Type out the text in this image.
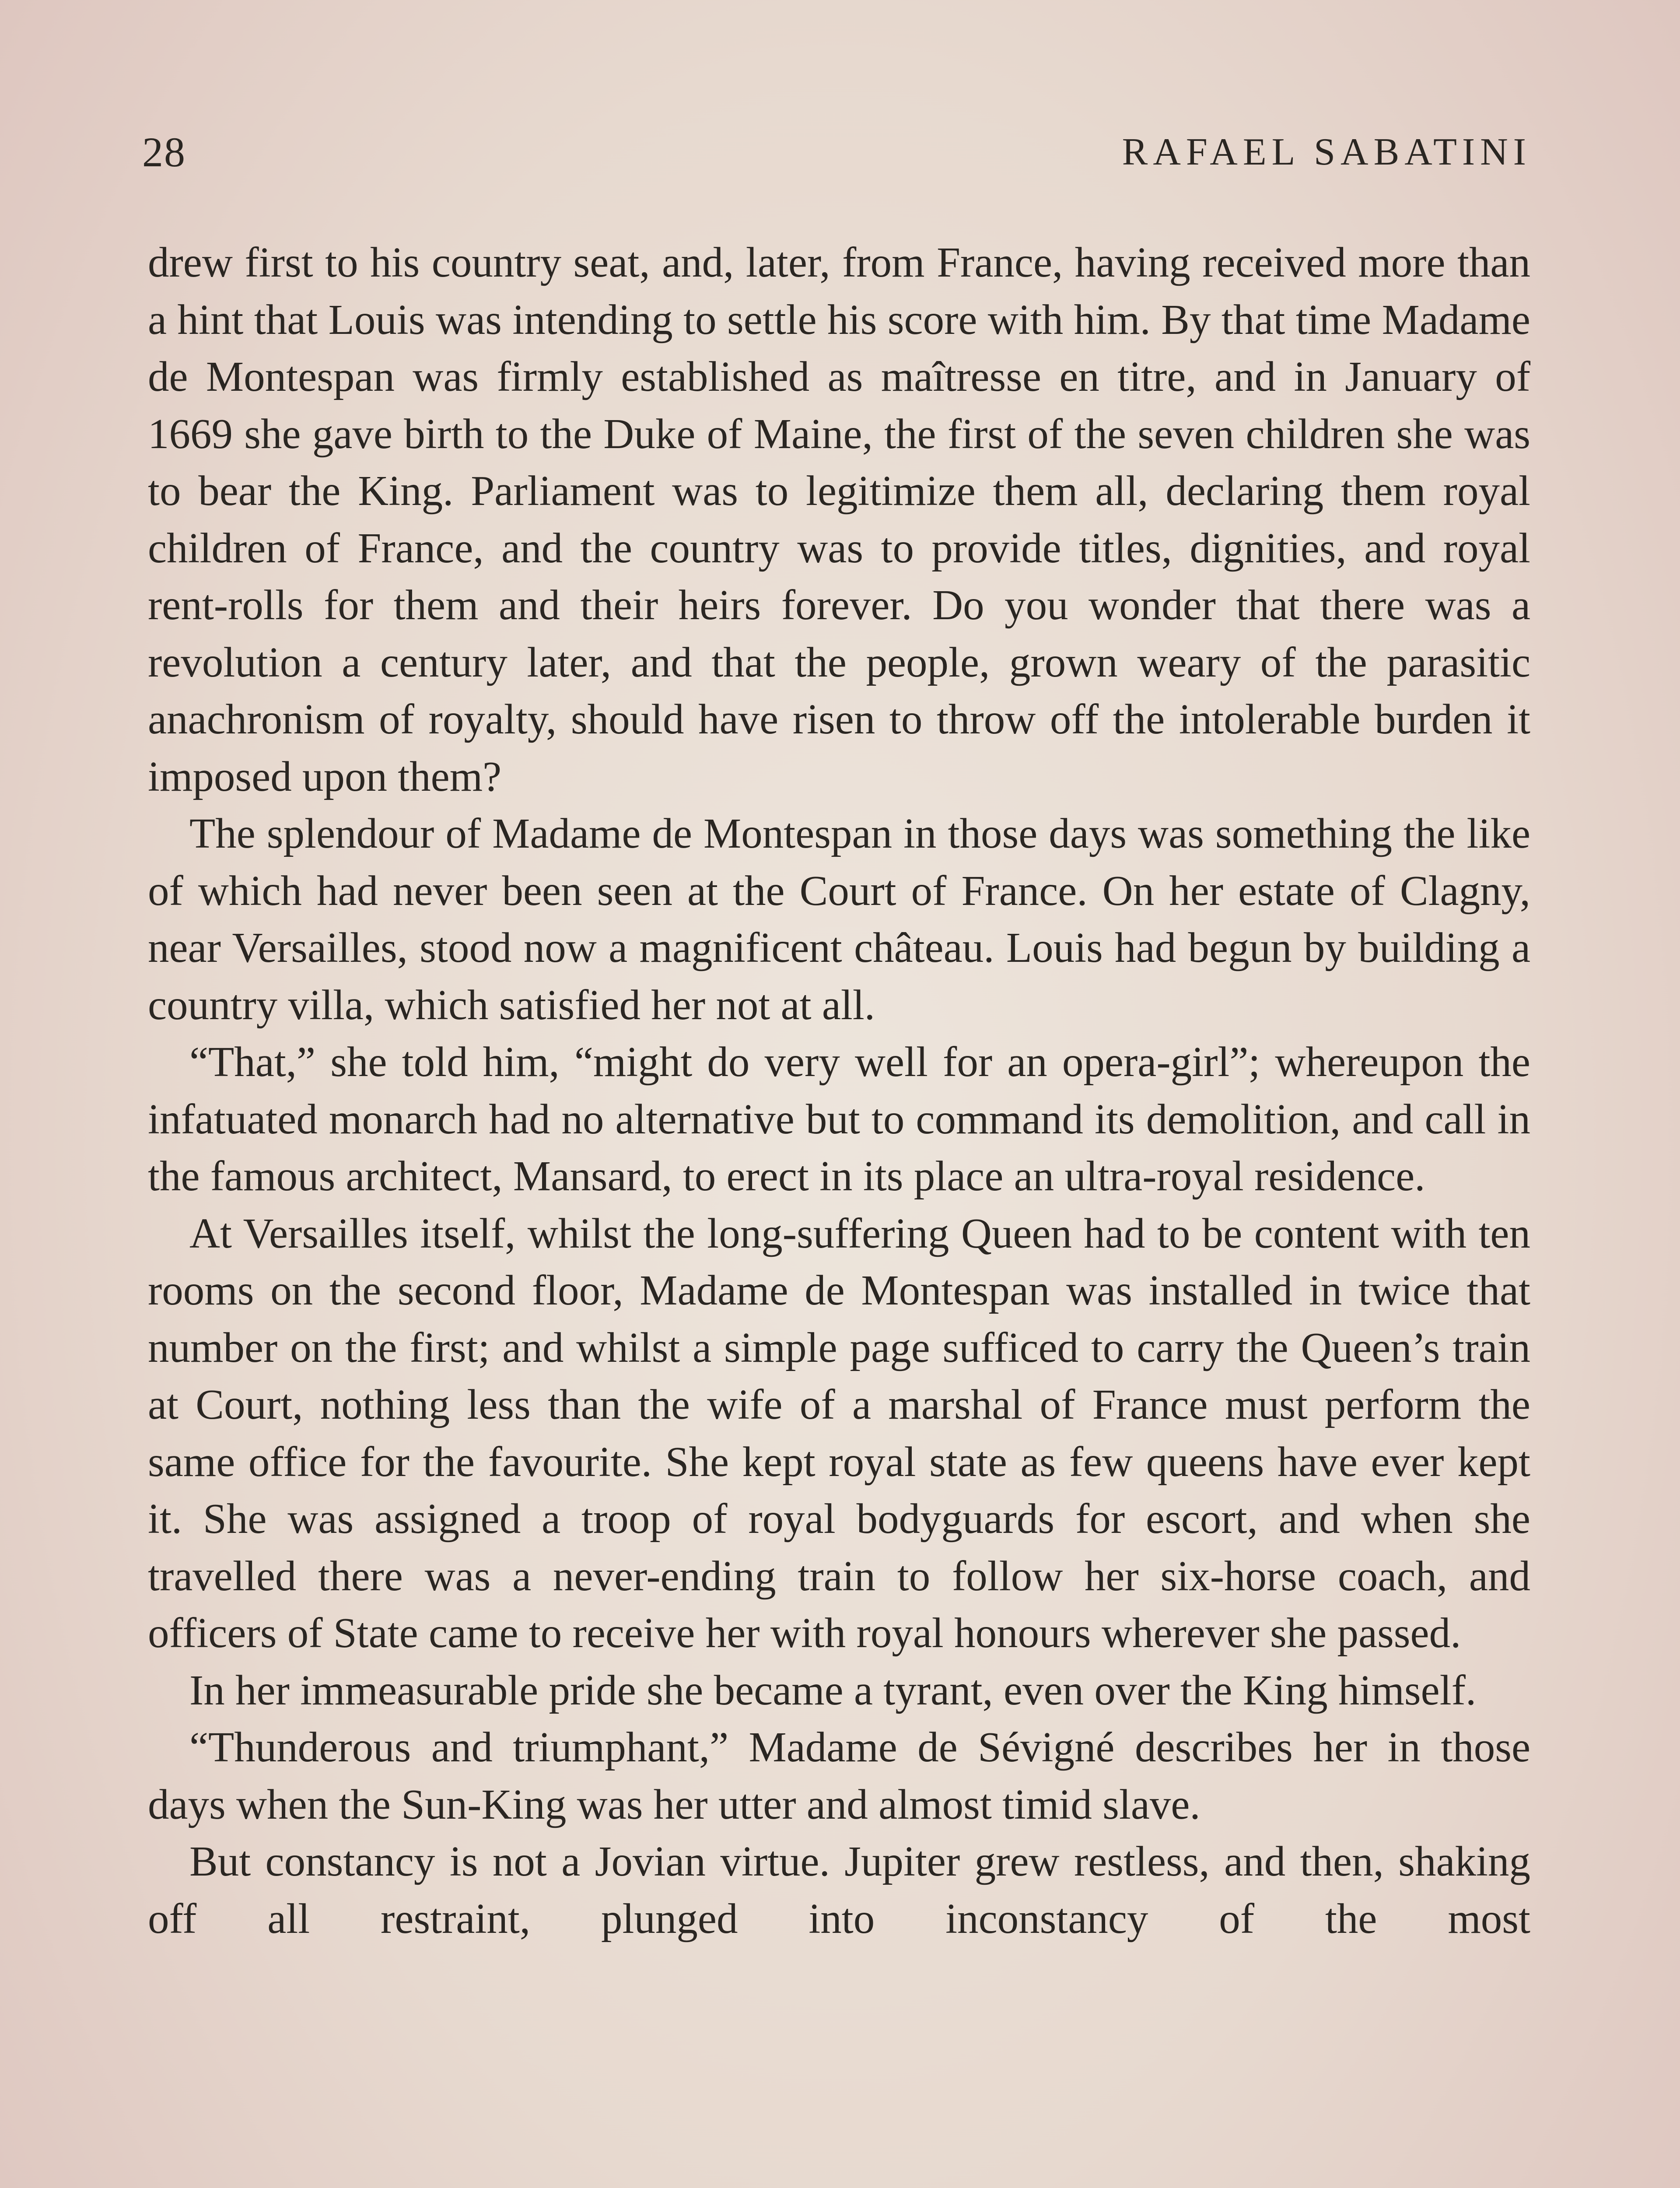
28	RAFAEL SABATINI

drew first to his country seat, and, later, from France, having received more than a hint that Louis was intending to settle his score with him. By that time Madame de Montespan was firmly established as maîtresse en titre, and in January of 1669 she gave birth to the Duke of Maine, the first of the seven children she was to bear the King. Parliament was to legitimize them all, declaring them royal children of France, and the country was to provide titles, dignities, and royal rent-rolls for them and their heirs forever. Do you wonder that there was a revolution a century later, and that the people, grown weary of the parasitic anachronism of royalty, should have risen to throw off the intolerable burden it imposed upon them?

The splendour of Madame de Montespan in those days was something the like of which had never been seen at the Court of France. On her estate of Clagny, near Versailles, stood now a magnificent château. Louis had begun by building a country villa, which satisfied her not at all.

“That,” she told him, “might do very well for an opera-girl”; whereupon the infatuated monarch had no alternative but to command its demolition, and call in the famous architect, Mansard, to erect in its place an ultra-royal residence.

At Versailles itself, whilst the long-suffering Queen had to be content with ten rooms on the second floor, Madame de Montespan was installed in twice that number on the first; and whilst a simple page sufficed to carry the Queen’s train at Court, nothing less than the wife of a marshal of France must perform the same office for the favourite. She kept royal state as few queens have ever kept it. She was assigned a troop of royal bodyguards for escort, and when she travelled there was a never-ending train to follow her six-horse coach, and officers of State came to receive her with royal honours wherever she passed.

In her immeasurable pride she became a tyrant, even over the King himself.

“Thunderous and triumphant,” Madame de Sévigné describes her in those days when the Sun-King was her utter and almost timid slave.

But constancy is not a Jovian virtue. Jupiter grew restless, and then, shaking off all restraint, plunged into inconstancy of the most
